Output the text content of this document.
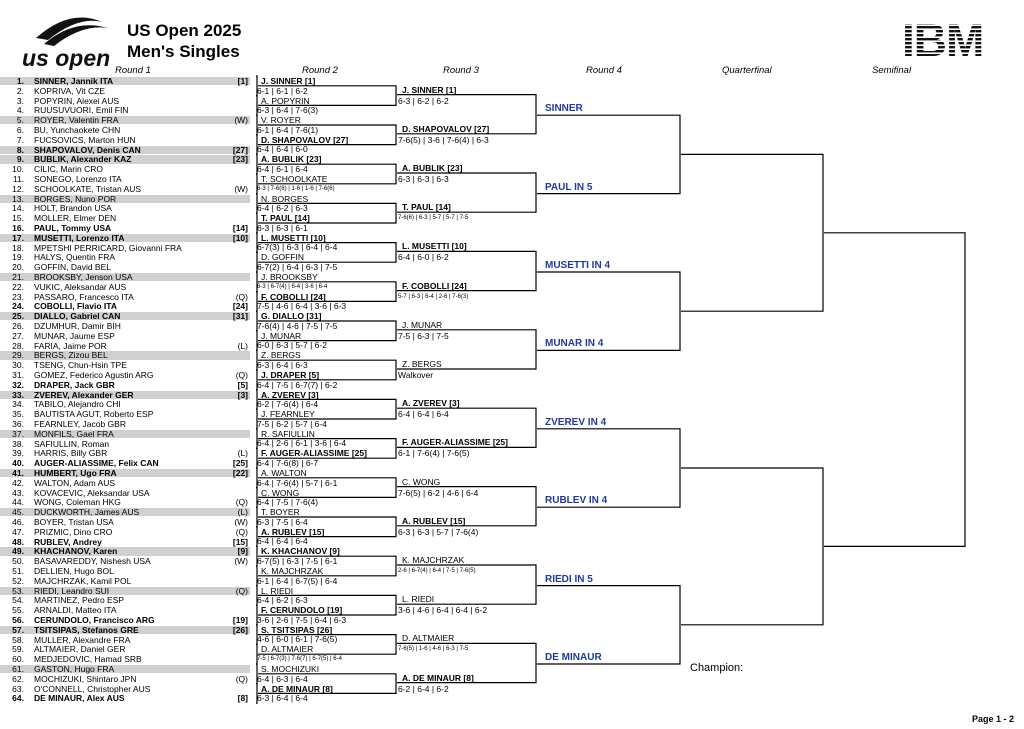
us open
US Open 2025
Men's Singles	IBM
Round 1	Round 2	Round 3	Round 4	Quarterfinal	Semifinal
1. SINNER, Jannik ITA	[1]
2. KOPRIVA, Vit CZE
3. POPYRIN, Alexei AUS
4. RUUSUVUORI, Emil FIN
5. ROYER, Valentin FRA	(W)
6. BU, Yunchaokete CHN
7. FUCSOVICS, Marton HUN
8. SHAPOVALOV, Denis CAN	[27]
9. BUBLIK, Alexander KAZ	[23]
10. CILIC, Marin CRO
11. SONEGO, Lorenzo ITA
12. SCHOOLKATE, Tristan AUS	(W)
13. BORGES, Nuno POR
14. HOLT, Brandon USA
15. MOLLER, Elmer DEN
16. PAUL, Tommy USA	[14]
17. MUSETTI, Lorenzo ITA	[10]
18. MPETSHI PERRICARD, Giovanni FRA
19. HALYS, Quentin FRA
20. GOFFIN, David BEL
21. BROOKSBY, Jenson USA
22. VUKIC, Aleksandar AUS
23. PASSARO, Francesco ITA	(Q)
24. COBOLLI, Flavio ITA	[24]
25. DIALLO, Gabriel CAN	[31]
26. DZUMHUR, Damir BIH
27. MUNAR, Jaume ESP
28. FARIA, Jaime POR	(L)
29. BERGS, Zizou BEL
30. TSENG, Chun-Hsin TPE
31. GOMEZ, Federico Agustin ARG	(Q)
32. DRAPER, Jack GBR	[5]
33. ZVEREV, Alexander GER	[3]
34. TABILO, Alejandro CHI
35. BAUTISTA AGUT, Roberto ESP
36. FEARNLEY, Jacob GBR
37. MONFILS, Gael FRA
38. SAFIULLIN, Roman
39. HARRIS, Billy GBR	(L)
40. AUGER-ALIASSIME, Felix CAN	[25]
41. HUMBERT, Ugo FRA	[22]
42. WALTON, Adam AUS
43. KOVACEVIC, Aleksandar USA
44. WONG, Coleman HKG	(Q)
45. DUCKWORTH, James AUS	(L)
46. BOYER, Tristan USA	(W)
47. PRIZMIC, Dino CRO	(Q)
48. RUBLEV, Andrey	[15]
49. KHACHANOV, Karen	[9]
50. BASAVAREDDY, Nishesh USA	(W)
51. DELLIEN, Hugo BOL
52. MAJCHRZAK, Kamil POL
53. RIEDI, Leandro SUI	(Q)
54. MARTINEZ, Pedro ESP
55. ARNALDI, Matteo ITA
56. CERUNDOLO, Francisco ARG	[19]
57. TSITSIPAS, Stefanos GRE	[26]
58. MULLER, Alexandre FRA
59. ALTMAIER, Daniel GER
60. MEDJEDOVIC, Hamad SRB
61. GASTON, Hugo FRA
62. MOCHIZUKI, Shintaro JPN	(Q)
63. O'CONNELL, Christopher AUS
64. DE MINAUR, Alex AUS	[8]
J. SINNER [1]
6-1 | 6-1 | 6-2
A. POPYRIN
6-3 | 6-4 | 7-6(3)
V. ROYER
6-1 | 6-4 | 7-6(1)
D. SHAPOVALOV [27]
6-4 | 6-4 | 6-0
A. BUBLIK [23]
6-4 | 6-1 | 6-4
T. SCHOOLKATE
6-3 | 7-6(8) | 1-6 | 1-6 | 7-6(6)
N. BORGES
6-4 | 6-2 | 6-3
T. PAUL [14]
6-3 | 6-3 | 6-1
L. MUSETTI [10]
6-7(3) | 6-3 | 6-4 | 6-4
D. GOFFIN
6-7(2) | 6-4 | 6-3 | 7-5
J. BROOKSBY
6-3 | 6-7(4) | 6-4 | 3-6 | 6-4
F. COBOLLI [24]
7-5 | 4-6 | 6-4 | 3-6 | 6-3
G. DIALLO [31]
7-6(4) | 4-6 | 7-5 | 7-5
J. MUNAR
6-0 | 6-3 | 5-7 | 6-2
Z. BERGS
6-3 | 6-4 | 6-3
J. DRAPER [5]
6-4 | 7-5 | 6-7(7) | 6-2
A. ZVEREV [3]
6-2 | 7-6(4) | 6-4
J. FEARNLEY
7-5 | 6-2 | 5-7 | 6-4
R. SAFIULLIN
6-4 | 2-6 | 6-1 | 3-6 | 6-4
F. AUGER-ALIASSIME [25]
6-4 | 7-6(8) | 6-7
A. WALTON
6-4 | 7-6(4) | 5-7 | 6-1
C. WONG
6-4 | 7-5 | 7-6(4)
T. BOYER
6-3 | 7-5 | 6-4
A. RUBLEV [15]
6-4 | 6-4 | 6-4
K. KHACHANOV [9]
6-7(5) | 6-3 | 7-5 | 6-1
K. MAJCHRZAK
6-1 | 6-4 | 6-7(5) | 6-4
L. RIEDI
6-4 | 6-2 | 6-3
F. CERUNDOLO [19]
3-6 | 2-6 | 7-5 | 6-4 | 6-3
S. TSITSIPAS [26]
4-6 | 6-0 | 6-1 | 7-6(5)
D. ALTMAIER
7-5 | 6-7(3) | 7-6(7) | 6-7(5) | 6-4
S. MOCHIZUKI
6-4 | 6-3 | 6-4
A. DE MINAUR [8]
6-3 | 6-4 | 6-4
J. SINNER [1]
6-3 | 6-2 | 6-2
D. SHAPOVALOV [27]
7-6(5) | 3-6 | 7-6(4) | 6-3
A. BUBLIK [23]
6-3 | 6-3 | 6-3
T. PAUL [14]
7-6(6) | 6-3 | 5-7 | 5-7 | 7-5
L. MUSETTI [10]
6-4 | 6-0 | 6-2
F. COBOLLI [24]
5-7 | 6-3 | 6-4 | 2-6 | 7-6(3)
J. MUNAR
7-5 | 6-3 | 7-5
Z. BERGS
Walkover
A. ZVEREV [3]
6-4 | 6-4 | 6-4
F. AUGER-ALIASSIME [25]
6-1 | 7-6(4) | 7-6(5)
C. WONG
7-6(5) | 6-2 | 4-6 | 6-4
A. RUBLEV [15]
6-3 | 6-3 | 5-7 | 7-6(4)
K. MAJCHRZAK
2-6 | 6-7(4) | 6-4 | 7-5 | 7-6(5)
L. RIEDI
3-6 | 4-6 | 6-4 | 6-4 | 6-2
D. ALTMAIER
7-6(5) | 1-6 | 4-6 | 6-3 | 7-5
A. DE MINAUR [8]
6-2 | 6-4 | 6-2
SINNER
PAUL IN 5
MUSETTI IN 4
MUNAR IN 4
ZVEREV IN 4
RUBLEV IN 4
RIEDI IN 5
DE MINAUR
Champion:
Page 1 - 2
